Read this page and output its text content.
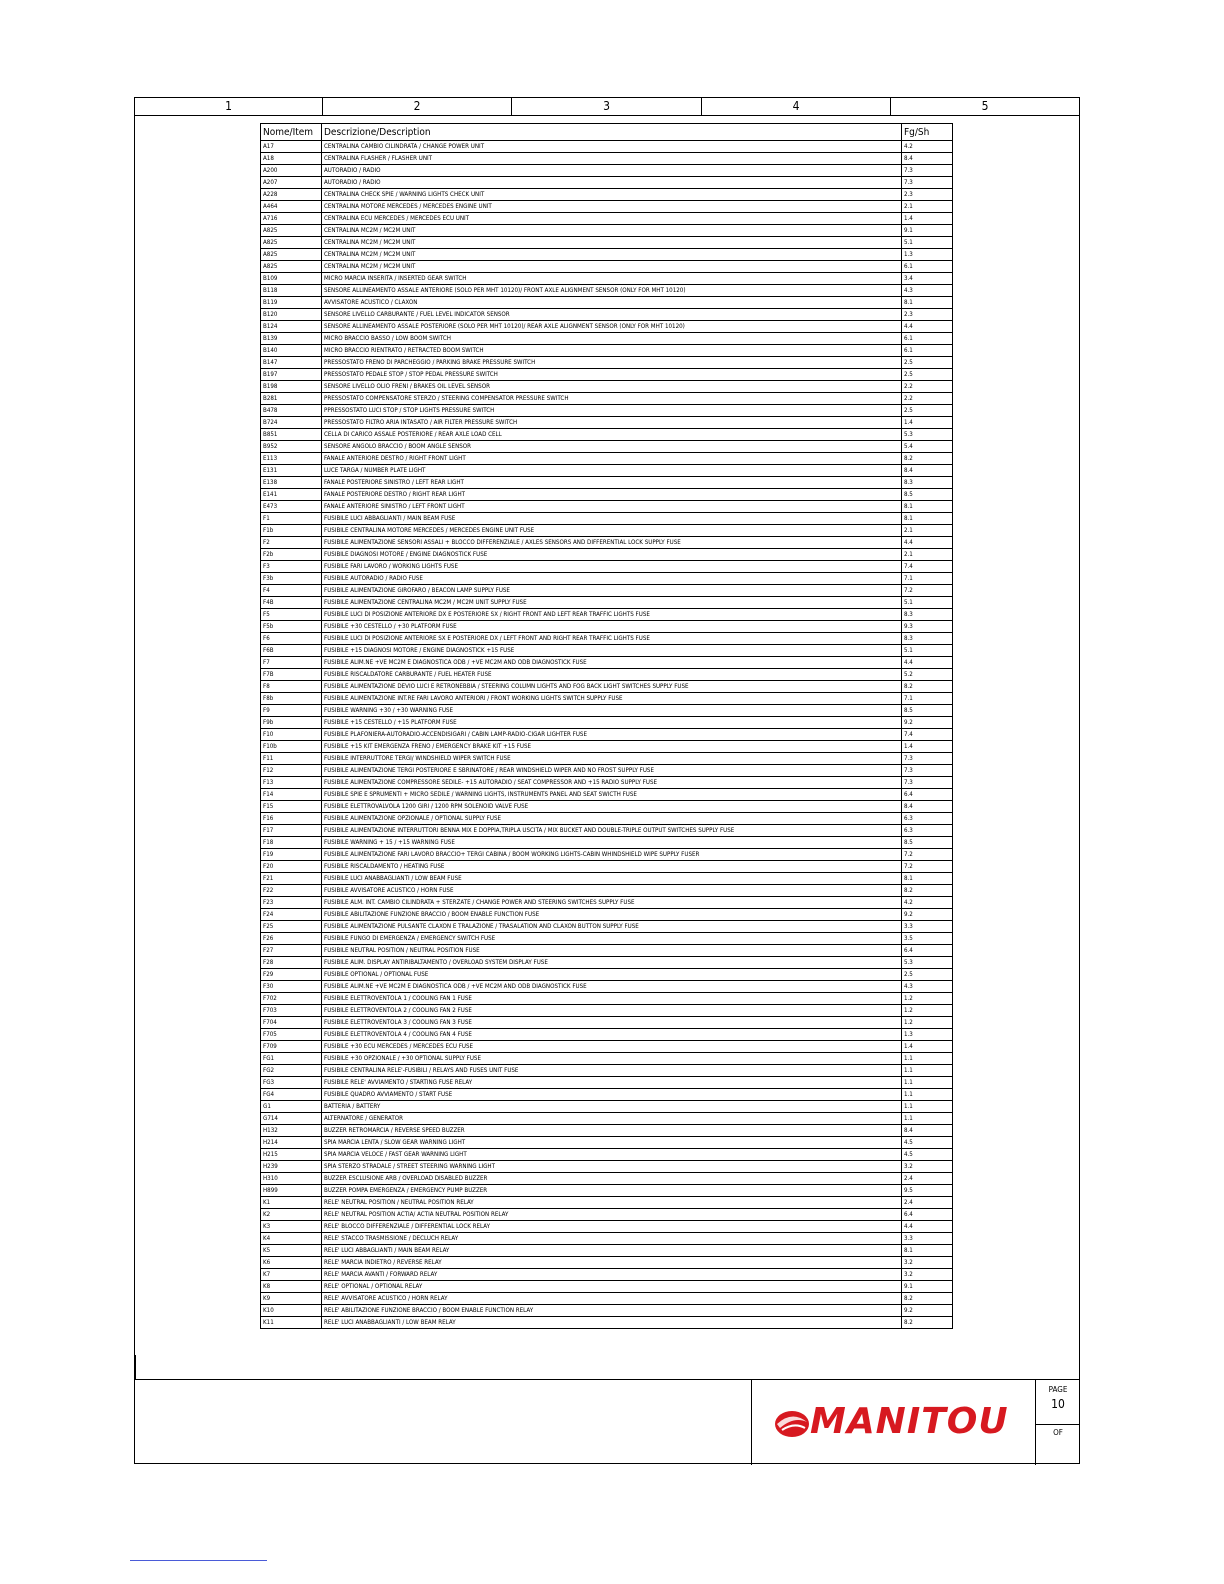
1	2	3	4	5
Nome/Item	Descrizione/Description	Fg/Sh
A17	CENTRALINA CAMBIO CILINDRATA / CHANGE POWER UNIT	4.2
A18	CENTRALINA FLASHER / FLASHER UNIT	8.4
A200	AUTORADIO / RADIO	7.3
A207	AUTORADIO / RADIO	7.3
A228	CENTRALINA CHECK SPIE / WARNING LIGHTS CHECK UNIT	2.3
A464	CENTRALINA MOTORE MERCEDES / MERCEDES ENGINE UNIT	2.1
A716	CENTRALINA ECU MERCEDES / MERCEDES ECU UNIT	1.4
A825	CENTRALINA MC2M / MC2M UNIT	9.1
A825	CENTRALINA MC2M / MC2M UNIT	5.1
A825	CENTRALINA MC2M / MC2M UNIT	1.3
A825	CENTRALINA MC2M / MC2M UNIT	6.1
B109	MICRO MARCIA INSERITA / INSERTED GEAR SWITCH	3.4
B118	SENSORE ALLINEAMENTO ASSALE ANTERIORE (SOLO PER MHT 10120)/ FRONT AXLE ALIGNMENT SENSOR (ONLY FOR MHT 10120)	4.3
B119	AVVISATORE ACUSTICO / CLAXON	8.1
B120	SENSORE LIVELLO CARBURANTE / FUEL LEVEL INDICATOR SENSOR	2.3
B124	SENSORE ALLINEAMENTO ASSALE POSTERIORE (SOLO PER MHT 10120)/ REAR AXLE ALIGNMENT SENSOR (ONLY FOR MHT 10120)	4.4
B139	MICRO BRACCIO BASSO / LOW BOOM SWITCH	6.1
B140	MICRO BRACCIO RIENTRATO / RETRACTED BOOM SWITCH	6.1
B147	PRESSOSTATO FRENO DI PARCHEGGIO / PARKING BRAKE PRESSURE SWITCH	2.5
B197	PRESSOSTATO PEDALE STOP / STOP PEDAL PRESSURE SWITCH	2.5
B198	SENSORE LIVELLO OLIO FRENI / BRAKES OIL LEVEL SENSOR	2.2
B281	PRESSOSTATO COMPENSATORE STERZO / STEERING COMPENSATOR PRESSURE SWITCH	2.2
B478	PPRESSOSTATO LUCI STOP / STOP LIGHTS PRESSURE SWITCH	2.5
B724	PRESSOSTATO FILTRO ARIA INTASATO / AIR FILTER PRESSURE SWITCH	1.4
B851	CELLA DI CARICO ASSALE POSTERIORE / REAR AXLE LOAD CELL	5.3
B952	SENSORE ANGOLO BRACCIO / BOOM ANGLE SENSOR	5.4
E113	FANALE ANTERIORE DESTRO / RIGHT FRONT LIGHT	8.2
E131	LUCE TARGA / NUMBER PLATE LIGHT	8.4
E138	FANALE POSTERIORE SINISTRO / LEFT REAR LIGHT	8.3
E141	FANALE POSTERIORE DESTRO / RIGHT REAR LIGHT	8.5
E473	FANALE ANTERIORE SINISTRO / LEFT FRONT LIGHT	8.1
F1	FUSIBILE LUCI ABBAGLIANTI / MAIN BEAM FUSE	8.1
F1b	FUSIBILE CENTRALINA MOTORE MERCEDES / MERCEDES ENGINE UNIT FUSE	2.1
F2	FUSIBILE ALIMENTAZIONE SENSORI ASSALI + BLOCCO DIFFERENZIALE / AXLES SENSORS AND DIFFERENTIAL LOCK SUPPLY FUSE	4.4
F2b	FUSIBILE DIAGNOSI MOTORE / ENGINE DIAGNOSTICK FUSE	2.1
F3	FUSIBILE FARI LAVORO / WORKING LIGHTS FUSE	7.4
F3b	FUSIBILE AUTORADIO / RADIO FUSE	7.1
F4	FUSIBILE ALIMENTAZIONE GIROFARO / BEACON LAMP SUPPLY FUSE	7.2
F4B	FUSIBILE ALIMENTAZIONE CENTRALINA MC2M / MC2M UNIT SUPPLY FUSE	5.1
F5	FUSIBILE LUCI DI POSIZIONE ANTERIORE DX E POSTERIORE SX / RIGHT FRONT AND LEFT REAR TRAFFIC LIGHTS FUSE	8.3
F5b	FUSIBILE +30 CESTELLO / +30 PLATFORM FUSE	9.3
F6	FUSIBILE LUCI DI POSIZIONE ANTERIORE SX E POSTERIORE DX / LEFT FRONT AND RIGHT REAR TRAFFIC LIGHTS FUSE	8.3
F6B	FUSIBILE +15 DIAGNOSI MOTORE / ENGINE DIAGNOSTICK +15 FUSE	5.1
F7	FUSIBILE ALIM.NE +VE MC2M E DIAGNOSTICA ODB / +VE MC2M AND ODB DIAGNOSTICK FUSE	4.4
F7B	FUSIBILE RISCALDATORE CARBURANTE / FUEL HEATER FUSE	5.2
F8	FUSIBILE ALIMENTAZIONE DEVIO LUCI E RETRONEBBIA / STEERING COLUMN LIGHTS AND FOG BACK LIGHT SWITCHES SUPPLY FUSE	8.2
F8b	FUSIBILE ALIMENTAZIONE INT.RE FARI LAVORO ANTERIORI / FRONT WORKING LIGHTS SWITCH SUPPLY FUSE	7.1
F9	FUSIBILE WARNING +30 / +30 WARNING FUSE	8.5
F9b	FUSIBILE +15 CESTELLO / +15 PLATFORM FUSE	9.2
F10	FUSIBILE PLAFONIERA-AUTORADIO-ACCENDISIGARI / CABIN LAMP-RADIO-CIGAR LIGHTER FUSE	7.4
F10b	FUSIBILE +15 KIT EMERGENZA FRENO / EMERGENCY BRAKE KIT +15 FUSE	1.4
F11	FUSIBILE INTERRUTTORE TERGI/ WINDSHIELD WIPER SWITCH FUSE	7.3
F12	FUSIBILE ALIMENTAZIONE TERGI POSTERIORE E SBRINATORE / REAR WINDSHIELD WIPER AND NO FROST SUPPLY FUSE	7.3
F13	FUSIBILE ALIMENTAZIONE COMPRESSORE SEDILE- +15 AUTORADIO / SEAT COMPRESSOR AND +15 RADIO SUPPLY FUSE	7.3
F14	FUSIBILE SPIE E SPRUMENTI + MICRO SEDILE / WARNING LIGHTS, INSTRUMENTS PANEL AND SEAT SWICTH FUSE	6.4
F15	FUSIBILE ELETTROVALVOLA 1200 GIRI / 1200 RPM SOLENOID VALVE FUSE	8.4
F16	FUSIBILE ALIMENTAZIONE OPZIONALE / OPTIONAL SUPPLY FUSE	6.3
F17	FUSIBILE ALIMENTAZIONE INTERRUTTORI BENNA MIX E DOPPIA,TRIPLA USCITA / MIX BUCKET AND DOUBLE-TRIPLE OUTPUT SWITCHES SUPPLY FUSE	6.3
F18	FUSIBILE WARNING + 15 / +15 WARNING FUSE	8.5
F19	FUSIBILE ALIMENTAZIONE FARI LAVORO BRACCIO+ TERGI CABINA / BOOM WORKING LIGHTS-CABIN WHINDSHIELD WIPE SUPPLY FUSER	7.2
F20	FUSIBILE RISCALDAMENTO / HEATING FUSE	7.2
F21	FUSIBILE LUCI ANABBAGLIANTI / LOW BEAM FUSE	8.1
F22	FUSIBILE AVVISATORE ACUSTICO / HORN FUSE	8.2
F23	FUSIBILE ALM. INT. CAMBIO CILINDRATA + STERZATE / CHANGE POWER AND STEERING SWITCHES SUPPLY FUSE	4.2
F24	FUSIBILE ABILITAZIONE FUNZIONE BRACCIO / BOOM ENABLE FUNCTION FUSE	9.2
F25	FUSIBILE ALIMENTAZIONE PULSANTE CLAXON E TRALAZIONE / TRASALATION AND CLAXON BUTTON SUPPLY FUSE	3.3
F26	FUSIBILE FUNGO DI EMERGENZA / EMERGENCY SWITCH FUSE	3.5
F27	FUSIBILE NEUTRAL POSITION / NEUTRAL POSITION FUSE	6.4
F28	FUSIBILE ALIM. DISPLAY ANTIRIBALTAMENTO / OVERLOAD SYSTEM DISPLAY FUSE	5.3
F29	FUSIBILE OPTIONAL / OPTIONAL FUSE	2.5
F30	FUSIBILE ALIM.NE +VE MC2M E DIAGNOSTICA ODB / +VE MC2M AND ODB DIAGNOSTICK FUSE	4.3
F702	FUSIBILE ELETTROVENTOLA 1 / COOLING FAN 1 FUSE	1.2
F703	FUSIBILE ELETTROVENTOLA 2 / COOLING FAN 2 FUSE	1.2
F704	FUSIBILE ELETTROVENTOLA 3 / COOLING FAN 3 FUSE	1.2
F705	FUSIBILE ELETTROVENTOLA 4 / COOLING FAN 4 FUSE	1.3
F709	FUSIBILE +30 ECU MERCEDES / MERCEDES ECU FUSE	1.4
FG1	FUSIBILE +30 OPZIONALE / +30 OPTIONAL SUPPLY FUSE	1.1
FG2	FUSIBILE CENTRALINA RELE'-FUSIBILI / RELAYS AND FUSES UNIT FUSE	1.1
FG3	FUSIBILE RELE' AVVIAMENTO / STARTING FUSE RELAY	1.1
FG4	FUSIBILE QUADRO AVVIAMENTO / START FUSE	1.1
G1	BATTERIA / BATTERY	1.1
G714	ALTERNATORE / GENERATOR	1.1
H132	BUZZER RETROMARCIA / REVERSE SPEED BUZZER	8.4
H214	SPIA MARCIA LENTA / SLOW GEAR WARNING LIGHT	4.5
H215	SPIA MARCIA VELOCE / FAST GEAR WARNING LIGHT	4.5
H239	SPIA STERZO STRADALE / STREET STEERING WARNING LIGHT	3.2
H310	BUZZER ESCLUSIONE ARB / OVERLOAD DISABLED BUZZER	2.4
H899	BUZZER POMPA EMERGENZA / EMERGENCY PUMP BUZZER	9.5
K1	RELE' NEUTRAL POSITION / NEUTRAL POSITION RELAY	2.4
K2	RELE' NEUTRAL POSITION ACTIA/ ACTIA NEUTRAL POSITION RELAY	6.4
K3	RELE' BLOCCO DIFFERENZIALE / DIFFERENTIAL LOCK RELAY	4.4
K4	RELE' STACCO TRASMISSIONE / DECLUCH RELAY	3.3
K5	RELE' LUCI ABBAGLIANTI / MAIN BEAM RELAY	8.1
K6	RELE' MARCIA INDIETRO / REVERSE RELAY	3.2
K7	RELE' MARCIA AVANTI / FORWARD RELAY	3.2
K8	RELE' OPTIONAL / OPTIONAL RELAY	9.1
K9	RELE' AVVISATORE ACUSTICO / HORN RELAY	8.2
K10	RELE' ABILITAZIONE FUNZIONE BRACCIO / BOOM ENABLE FUNCTION RELAY	9.2
K11	RELE' LUCI ANABBAGLIANTI / LOW BEAM RELAY	8.2
MANITOU
PAGE
10
OF
